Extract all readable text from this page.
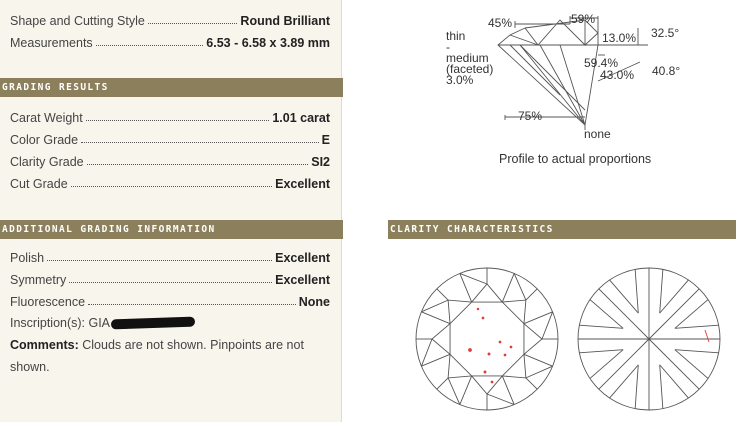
Shape and Cutting Style	Round Brilliant
Measurements	6.53 - 6.58 x 3.89 mm
GRADING RESULTS
Carat Weight	1.01 carat
Color Grade	E
Clarity Grade	SI2
Cut Grade	Excellent
ADDITIONAL GRADING INFORMATION
Polish	Excellent
Symmetry	Excellent
Fluorescence	None
Inscription(s): GIA
Comments: Clouds are not shown. Pinpoints are not
shown.
45%	59%
13.0% 32.5°
59.4%
43.0% 40.8°
75%
none
thin
-
medium
(faceted)
3.0%
Profile to actual proportions
CLARITY CHARACTERISTICS
